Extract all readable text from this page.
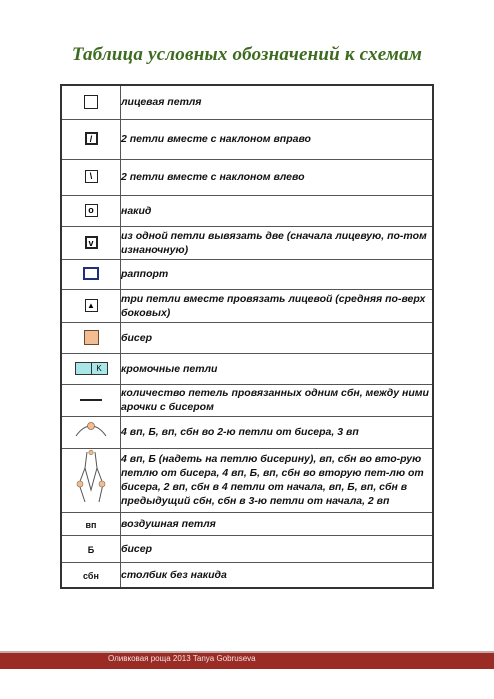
Таблица условных обозначений к схемам
	лицевая петля
/	2 петли вместе с наклоном вправо
\	2 петли вместе с наклоном влево
o	накид
v	из одной петли вывязать две (сначала лицевую, по-том изнаночную)
	раппорт
▲	три петли вместе провязать лицевой (средняя по-верх боковых)
	бисер

K	кромочные петли
	количество петель провязанных одним сбн, между ними арочки с бисером
	4 вп, Б, вп, сбн во 2-ю петли от бисера, 3 вп
	4 вп, Б (надеть на петлю бисерину), вп, сбн во вто-рую петлю от бисера, 4 вп, Б, вп, сбн во вторую пет-лю от бисера, 2 вп, сбн в 4 петли от начала, вп, Б, вп, сбн в предыдущий сбн, сбн в 3-ю петли от начала, 2 вп
вп	воздушная петля
Б	бисер
сбн	столбик без накида
Оливковая роща 2013 Tanya Gobruseva
